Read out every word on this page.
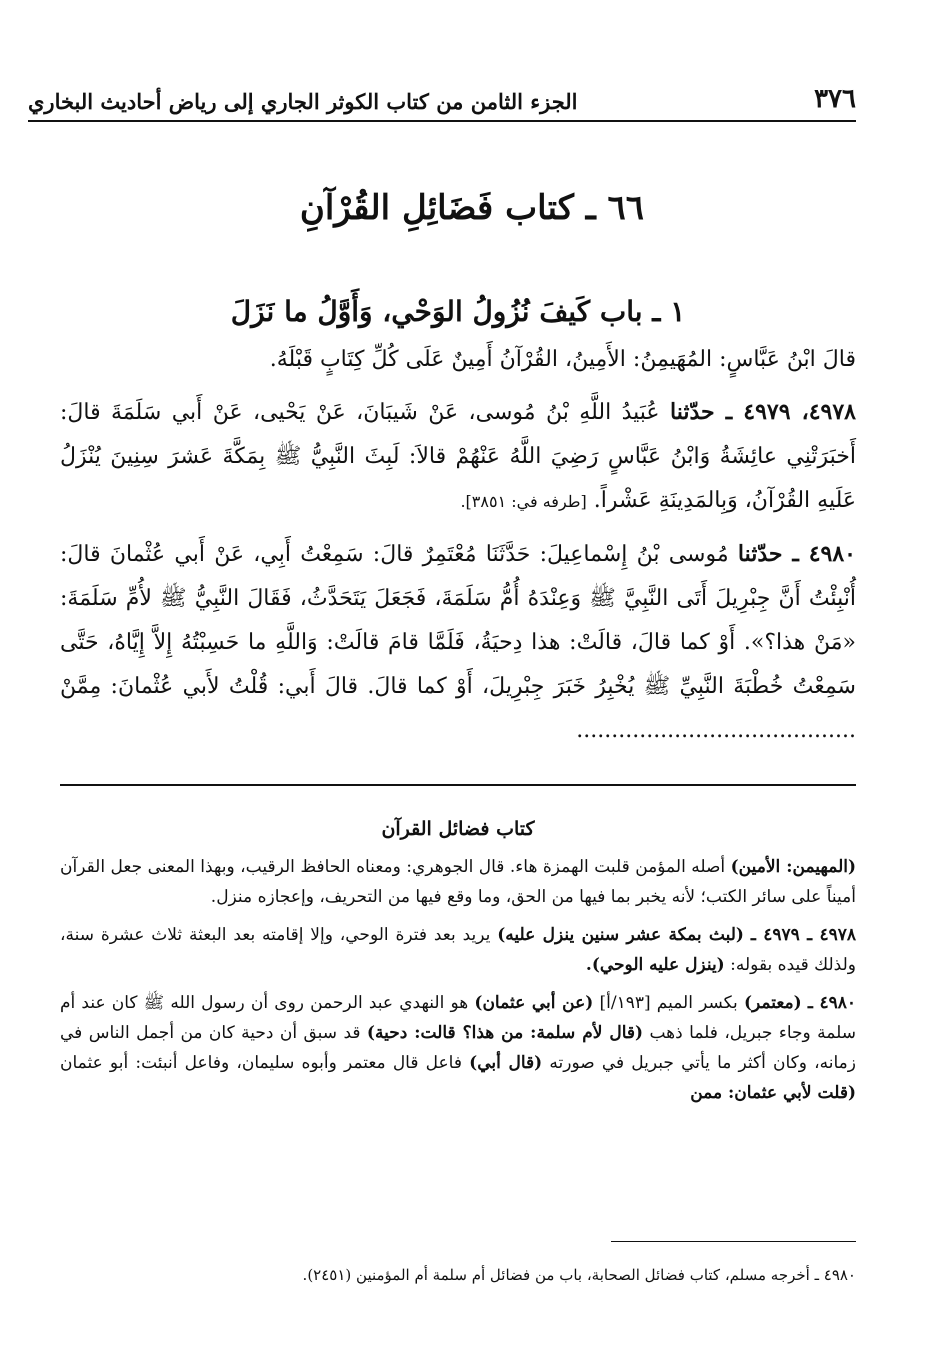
٣٧٦
الجزء الثامن من كتاب الكوثر الجاري إلى رياض أحاديث البخاري
٦٦ ـ كتاب فَضَائِلِ القُرْآنِ
١ ـ باب كَيفَ نُزُولُ الوَحْي، وَأَوَّلُ ما نَزَلَ

قالَ ابْنُ عَبَّاسٍ: المُهَيمِنُ: الأَمِينُ، القُرْآنُ أَمِينٌ عَلَى كُلِّ كِتَابٍ قَبْلَهُ.

٤٩٧٨، ٤٩٧٩ ـ حدّثنا عُبَيدُ اللَّهِ بْنُ مُوسى، عَنْ شَيبَانَ، عَنْ يَحْيى، عَنْ أَبي سَلَمَةَ قالَ: أَخبَرَتْنِي عائِشَةُ وَابْنُ عَبَّاسٍ رَضِيَ اللَّهُ عَنْهُمْ قالاَ: لَبِثَ النَّبِيُّ ﷺ بِمَكَّةَ عَشرَ سِنِينَ يُنْزَلُ عَلَيهِ القُرْآنُ، وَبِالمَدِينَةِ عَشْراً. [طرفه في: ٣٨٥١].

٤٩٨٠ ـ حدّثنا مُوسى بْنُ إِسْماعِيلَ: حَدَّثَنَا مُعْتَمِرٌ قالَ: سَمِعْتُ أَبِي، عَنْ أَبي عُثْمانَ قالَ: أُنْبِئْتُ أَنَّ جِبْرِيلَ أَتَى النَّبِيَّ ﷺ وَعِنْدَهُ أُمُّ سَلَمَةَ، فَجَعَلَ يَتَحَدَّثُ، فَقَالَ النَّبِيُّ ﷺ لأُمِّ سَلَمَةَ: «مَنْ هذا؟». أَوْ كما قالَ، قالَتْ: هذا دِحيَةُ، فَلَمَّا قامَ قالَتْ: وَاللَّهِ ما حَسِبْتُهُ إِلاَّ إِيَّاهُ، حَتَّى سَمِعْتُ خُطْبَةَ النَّبِيِّ ﷺ يُخْبِرُ خَبَرَ جِبْرِيلَ، أَوْ كما قالَ. قالَ أَبي: قُلْتُ لأَبي عُثْمانَ: مِمَّنْ ........................................

كتاب فضائل القرآن

(المهيمن: الأمين) أصله المؤمن قلبت الهمزة هاء. قال الجوهري: ومعناه الحافظ الرقيب، وبهذا المعنى جعل القرآن أميناً على سائر الكتب؛ لأنه يخبر بما فيها من الحق، وما وقع فيها من التحريف، وإعجازه منزل.

٤٩٧٨ ـ ٤٩٧٩ ـ (لبث بمكة عشر سنين ينزل عليه) يريد بعد فترة الوحي، وإلا إقامته بعد البعثة ثلاث عشرة سنة، ولذلك قيده بقوله: (ينزل عليه الوحي).

٤٩٨٠ ـ (معتمر) بكسر الميم [١٩٣/أ] (عن أبي عثمان) هو النهدي عبد الرحمن روى أن رسول الله ﷺ كان عند أم سلمة وجاء جبريل، فلما ذهب (قال لأم سلمة: من هذا؟ قالت: دحية) قد سبق أن دحية كان من أجمل الناس في زمانه، وكان أكثر ما يأتي جبريل في صورته (قال أبي) فاعل قال معتمر وأبوه سليمان، وفاعل أنبئت: أبو عثمان (قلت لأبي عثمان: ممن

٤٩٨٠ ـ أخرجه مسلم، كتاب فضائل الصحابة، باب من فضائل أم سلمة أم المؤمنين (٢٤٥١).
